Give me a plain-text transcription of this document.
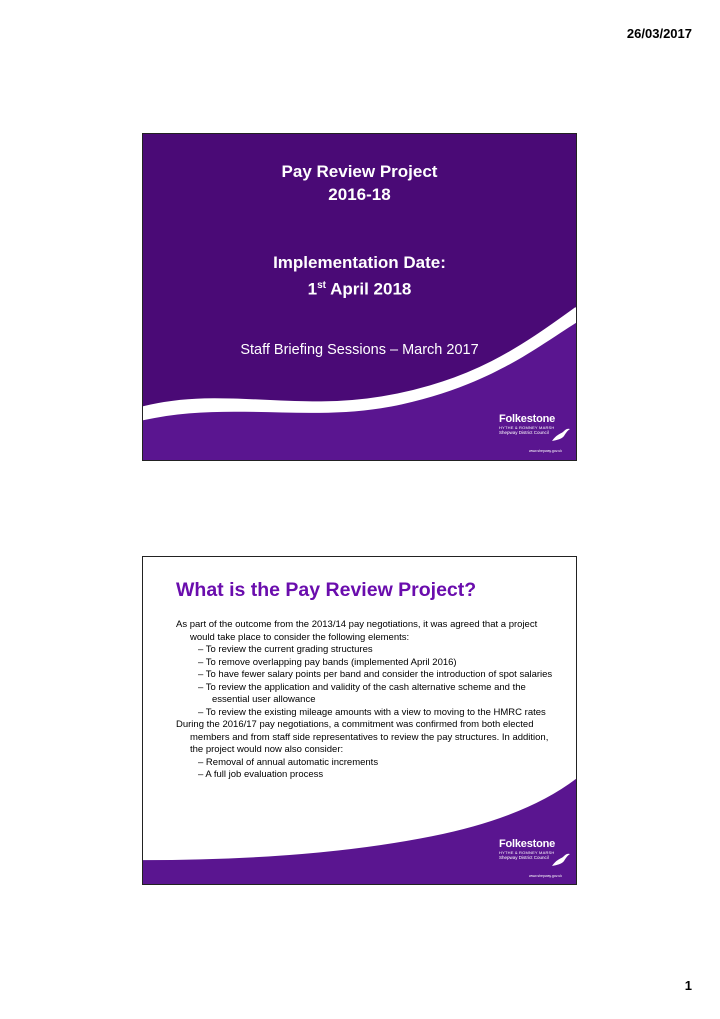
26/03/2017
Pay Review Project
2016-18
Implementation Date:
1st April 2018
Staff Briefing Sessions – March 2017
Folkestone
HYTHE & ROMNEY MARSH
Shepway District Council
www.shepway.gov.uk
What is the Pay Review Project?
As part of the outcome from the 2013/14 pay negotiations, it was agreed that a project would take place to consider the following elements:
– To review the current grading structures
– To remove overlapping pay bands (implemented April 2016)
– To have fewer salary points per band and consider the introduction of spot salaries
– To review the application and validity of the cash alternative scheme and the essential user allowance
– To review the existing mileage amounts with a view to moving to the HMRC rates
During the 2016/17 pay negotiations, a commitment was confirmed from both elected members and from staff side representatives to review the pay structures. In addition, the project would now also consider:
– Removal of annual automatic increments
– A full job evaluation process
Folkestone
HYTHE & ROMNEY MARSH
Shepway District Council
www.shepway.gov.uk
1
